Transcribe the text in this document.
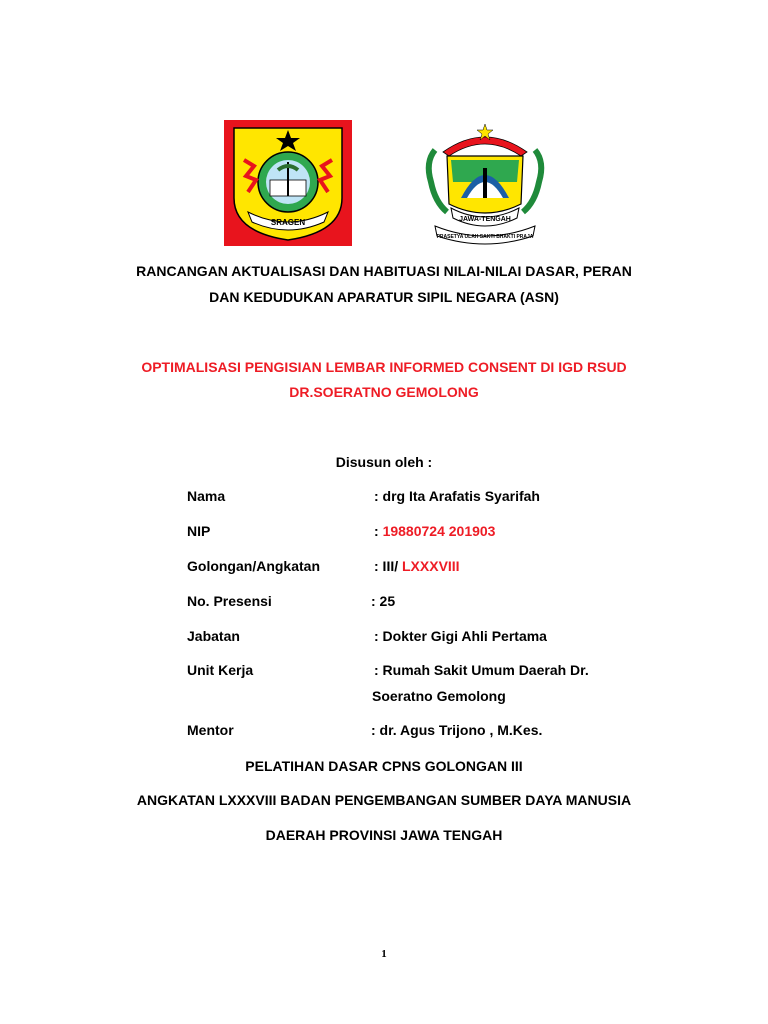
SRAGEN	JAWA-TENGAH
PRASETYA ULAH SAKTI BHAKTI PRAJA
RANCANGAN AKTUALISASI DAN HABITUASI NILAI-NILAI DASAR, PERAN
DAN KEDUDUKAN APARATUR SIPIL NEGARA (ASN)
OPTIMALISASI PENGISIAN LEMBAR INFORMED CONSENT DI IGD RSUD
DR.SOERATNO GEMOLONG
Disusun oleh :
Nama	: drg Ita Arafatis Syarifah
NIP	: 19880724 201903
Golongan/Angkatan	: III/ LXXXVIII
No. Presensi	: 25
Jabatan	: Dokter Gigi Ahli Pertama
Unit Kerja	: Rumah Sakit Umum Daerah Dr.
Soeratno Gemolong
Mentor	: dr. Agus Trijono , M.Kes.
PELATIHAN DASAR CPNS GOLONGAN III
ANGKATAN LXXXVIII BADAN PENGEMBANGAN SUMBER DAYA MANUSIA
DAERAH PROVINSI JAWA TENGAH
1
